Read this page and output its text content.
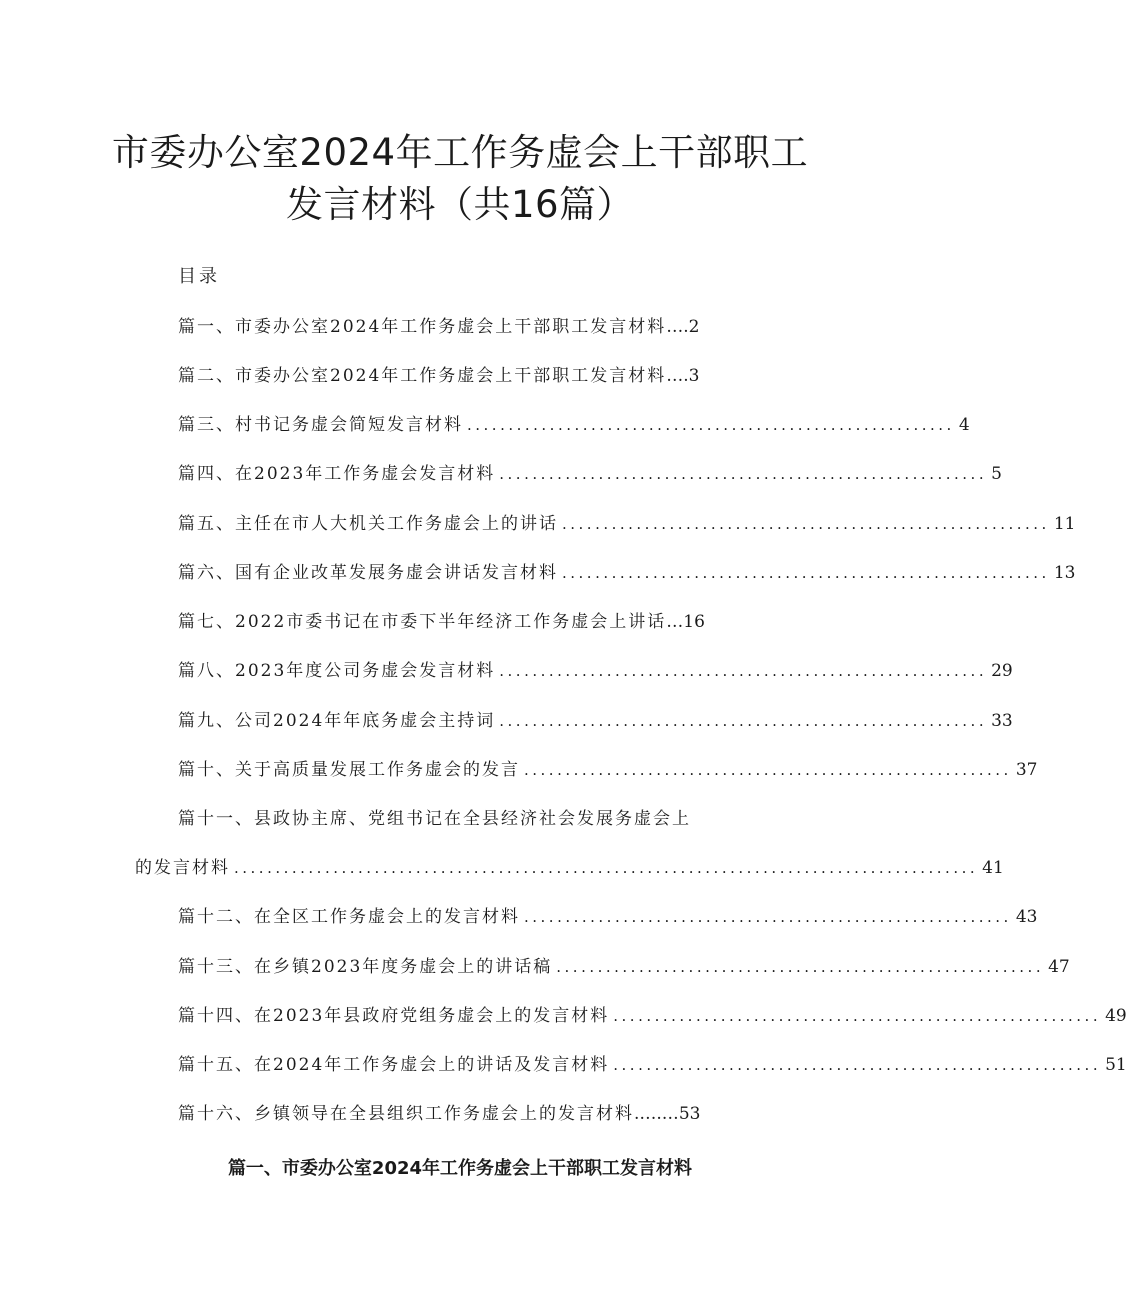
市委办公室2024年工作务虚会上干部职工
发言材料（共16篇）
目录
篇一、市委办公室2024年工作务虚会上干部职工发言材料 … .2
篇二、市委办公室2024年工作务虚会上干部职工发言材料 … .3
篇三、村书记务虚会简短发言材料 ........................................................... 4
篇四、在2023年工作务虚会发言材料 ........................................................... 5
篇五、主任在市人大机关工作务虚会上的讲话 ........................................................... 11
篇六、国有企业改革发展务虚会讲话发言材料 ........................................................... 13
篇七、2022市委书记在市委下半年经济工作务虚会上讲话 … 16
篇八、2023年度公司务虚会发言材料 ........................................................... 29
篇九、公司2024年年底务虚会主持词 ........................................................... 33
篇十、关于高质量发展工作务虚会的发言 ........................................................... 37
篇十一、县政协主席、党组书记在全县经济社会发展务虚会上
的发言材料 .......................................................................................... 41
篇十二、在全区工作务虚会上的发言材料 ........................................................... 43
篇十三、在乡镇2023年度务虚会上的讲话稿 ........................................................... 47
篇十四、在2023年县政府党组务虚会上的发言材料 ........................................................... 49
篇十五、在2024年工作务虚会上的讲话及发言材料 ........................................................... 51
篇十六、乡镇领导在全县组织工作务虚会上的发言材料 .….… 53
篇一、市委办公室2024年工作务虚会上干部职工发言材料
